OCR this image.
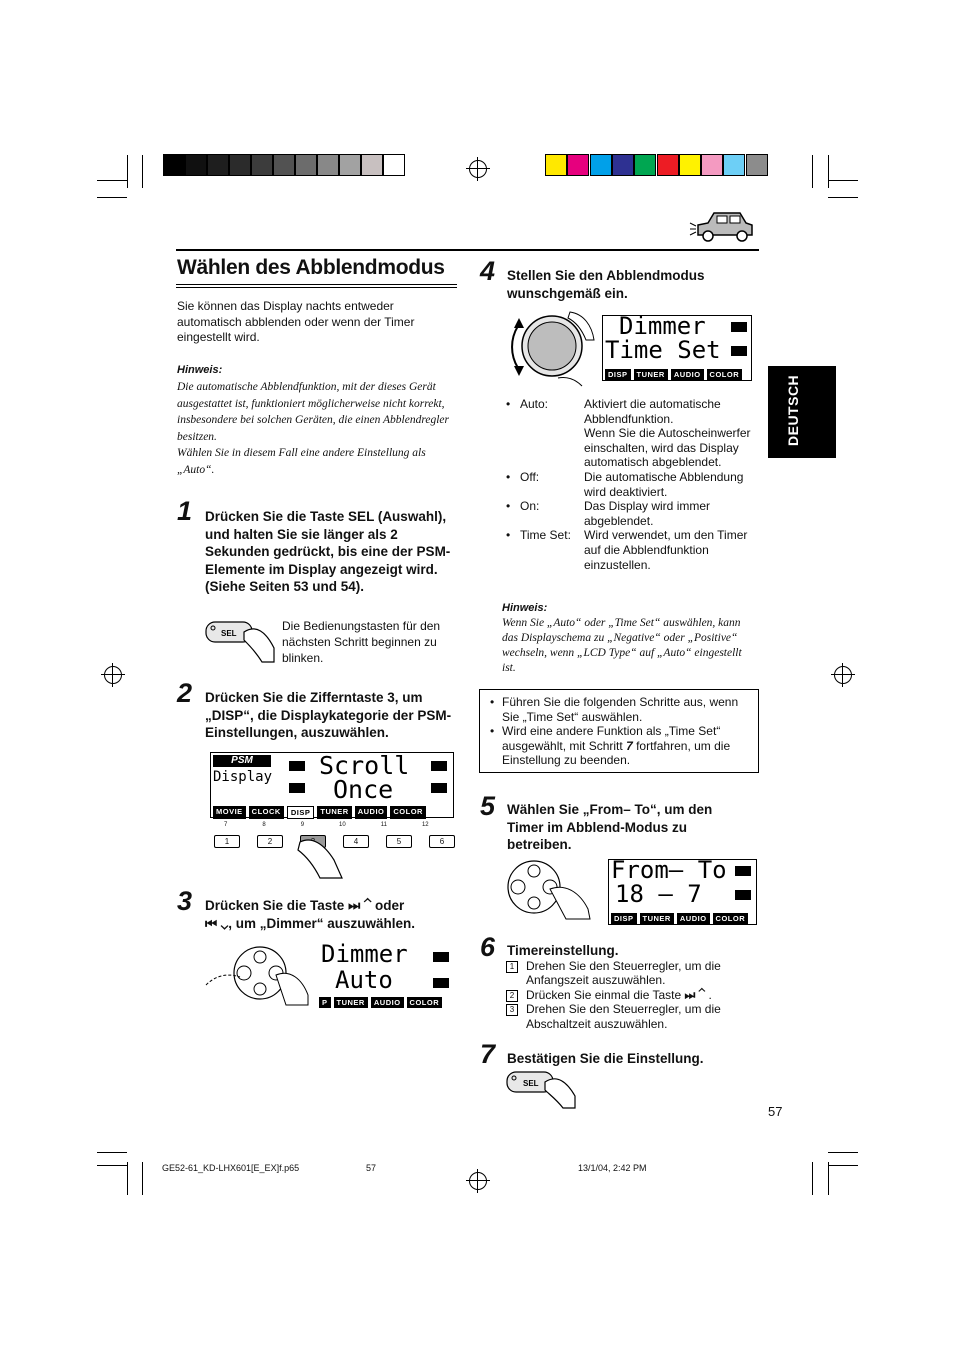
Wählen des Abblendmodus
Sie können das Display nachts entweder automatisch abblenden oder wenn der Timer eingestellt wird.
Hinweis:
Die automatische Abblendfunktion, mit der dieses Gerät ausgestattet ist, funktioniert möglicherweise nicht korrekt, insbesondere bei solchen Geräten, die einen Abblendregler besitzen.
Wählen Sie in diesem Fall eine andere Einstellung als „Auto“.
1 Drücken Sie die Taste SEL (Auswahl), und halten Sie sie länger als 2 Sekunden gedrückt, bis eine der PSM-Elemente im Display angezeigt wird. (Siehe Seiten 53 und 54).
SEL
Die Bedienungstasten für den nächsten Schritt beginnen zu blinken.
2 Drücken Sie die Zifferntaste 3, um „DISP“, die Displaykategorie der PSM-Einstellungen, auszuwählen.
PSM
Display Scroll
Once
MOVIE	CLOCK	DISP	TUNER	AUDIO	COLOR
7	8	9	10	11	12
1	2	4	5	6
3 Drücken Sie die Taste ⏭ ⌃ oder
⏮ ⌄, um „Dimmer“ auszuwählen.
Dimmer
Auto
P	TUNER	AUDIO	COLOR
4 Stellen Sie den Abblendmodus wunschgemäß ein.
Dimmer
Time Set
DISP	TUNER	AUDIO	COLOR
• Auto:	Aktiviert die automatische Abblendfunktion.
Wenn Sie die Autoscheinwerfer einschalten, wird das Display automatisch abgeblendet.
• Off:	Die automatische Abblendung wird deaktiviert.
• On:	Das Display wird immer abgeblendet.
• Time Set:	Wird verwendet, um den Timer auf die Abblendfunktion einzustellen.
Hinweis:
Wenn Sie „Auto“ oder „Time Set“ auswählen, kann das Displayschema zu „Negative“ oder „Positive“ wechseln, wenn „LCD Type“ auf „Auto“ eingestellt ist.
• Führen Sie die folgenden Schritte aus, wenn Sie „Time Set“ auswählen.
• Wird eine andere Funktion als „Time Set“ ausgewählt, mit Schritt 7 fortfahren, um die Einstellung zu beenden.
5 Wählen Sie „From– To“, um den Timer im Abblend-Modus zu betreiben.
From– To
18 – 7
DISP	TUNER	AUDIO	COLOR
6 Timereinstellung.
1 Drehen Sie den Steuerregler, um die Anfangszeit auszuwählen.
2 Drücken Sie einmal die Taste ⏭ ⌃ .
3 Drehen Sie den Steuerregler, um die Abschaltzeit auszuwählen.
7 Bestätigen Sie die Einstellung.
SEL
DEUTSCH
57
GE52-61_KD-LHX601[E_EX]f.p65	57	13/1/04, 2:42 PM
